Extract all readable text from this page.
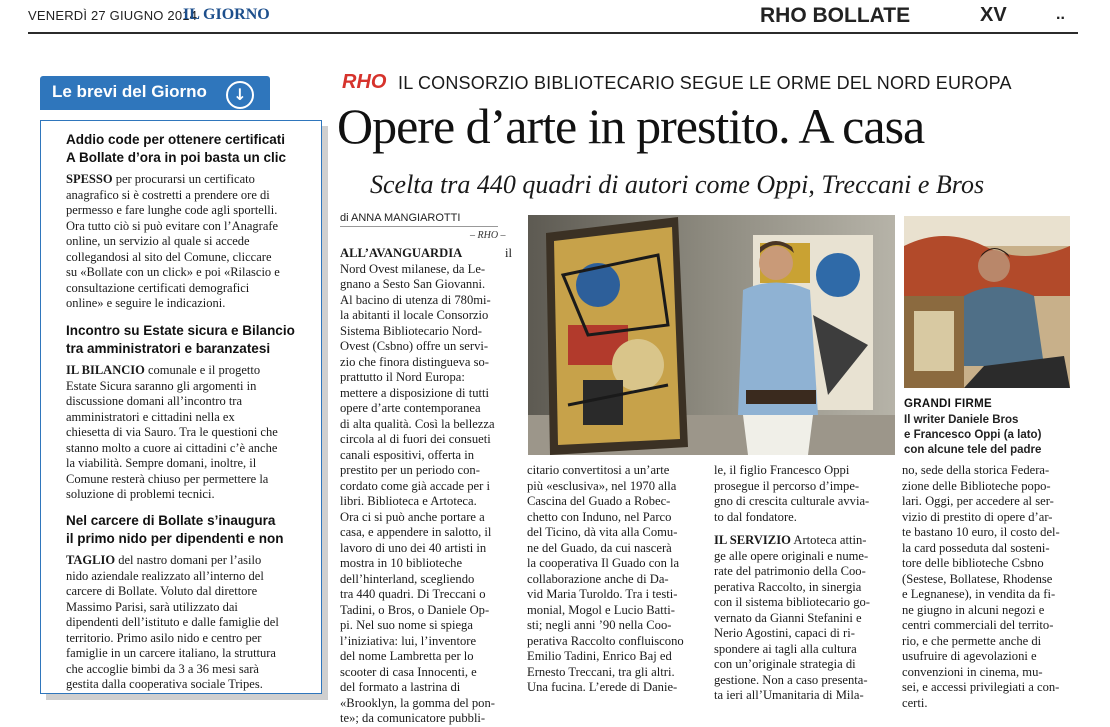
VENERDÌ 27 GIUGNO 2014
IL GIORNO	RHO BOLLATE	XV	..
Le brevi del Giorno	↓
Addio code per ottenere certificati
A Bollate d’ora in poi basta un clic
SPESSO per procurarsi un certificato
anagrafico si è costretti a prendere ore di
permesso e fare lunghe code agli sportelli.
Ora tutto ciò si può evitare con l’Anagrafe
online, un servizio al quale si accede
collegandosi al sito del Comune, cliccare
su «Bollate con un click» e poi «Rilascio e
consultazione certificati demografici
online» e seguire le indicazioni.
Incontro su Estate sicura e Bilancio
tra amministratori e baranzatesi
IL BILANCIO comunale e il progetto
Estate Sicura saranno gli argomenti in
discussione domani all’incontro tra
amministratori e cittadini nella ex
chiesetta di via Sauro. Tra le questioni che
stanno molto a cuore ai cittadini c’è anche
la viabilità. Sempre domani, inoltre, il
Comune resterà chiuso per permettere la
soluzione di problemi tecnici.
Nel carcere di Bollate s’inaugura
il primo nido per dipendenti e non
TAGLIO del nastro domani per l’asilo
nido aziendale realizzato all’interno del
carcere di Bollate. Voluto dal direttore
Massimo Parisi, sarà utilizzato dai
dipendenti dell’istituto e dalle famiglie del
territorio. Primo asilo nido e centro per
famiglie in un carcere italiano, la struttura
che accoglie bimbi da 3 a 36 mesi sarà
gestita dalla cooperativa sociale Tripes.
RHO IL CONSORZIO BIBLIOTECARIO SEGUE LE ORME DEL NORD EUROPA
Opere d’arte in prestito. A casa
Scelta tra 440 quadri di autori come Oppi, Treccani e Bros
di ANNA MANGIAROTTI
– RHO –
ALL’AVANGUARDIA	il
Nord Ovest milanese, da Le-
gnano a Sesto San Giovanni.
Al bacino di utenza di 780mi-
la abitanti il locale Consorzio
Sistema Bibliotecario Nord-
Ovest (Csbno) offre un servi-
zio che finora distingueva so-
prattutto il Nord Europa:
mettere a disposizione di tutti
opere d’arte contemporanea
di alta qualità. Così la bellezza
circola al di fuori dei consueti
canali espositivi, offerta in
prestito per un periodo con-
cordato come già accade per i
libri. Biblioteca e Artoteca.
Ora ci si può anche portare a
casa, e appendere in salotto, il
lavoro di uno dei 40 artisti in
mostra in 10 biblioteche
dell’hinterland, scegliendo
tra 440 quadri. Di Treccani o
Tadini, o Bros, o Daniele Op-
pi. Nel suo nome si spiega
l’iniziativa: lui, l’inventore
del nome Lambretta per lo
scooter di casa Innocenti, e
del formato a lastrina di
«Brooklyn, la gomma del pon-
te»; da comunicatore pubbli-
GRANDI FIRME
Il writer Daniele Bros
e Francesco Oppi (a lato)
con alcune tele del padre
citario convertitosi a un’arte
più «esclusiva», nel 1970 alla
Cascina del Guado a Robec-
chetto con Induno, nel Parco
del Ticino, dà vita alla Comu-
ne del Guado, da cui nascerà
la cooperativa Il Guado con la
collaborazione anche di Da-
vid Maria Turoldo. Tra i testi-
monial, Mogol e Lucio Batti-
sti; negli anni ’90 nella Coo-
perativa Raccolto confluiscono
Emilio Tadini, Enrico Baj ed
Ernesto Treccani, tra gli altri.
Una fucina. L’erede di Danie-
le, il figlio Francesco Oppi
prosegue il percorso d’impe-
gno di crescita culturale avvia-
to dal fondatore.
IL SERVIZIO Artoteca attin-
ge alle opere originali e nume-
rate del patrimonio della Coo-
perativa Raccolto, in sinergia
con il sistema bibliotecario go-
vernato da Gianni Stefanini e
Nerio Agostini, capaci di ri-
spondere ai tagli alla cultura
con un’originale strategia di
gestione. Non a caso presenta-
ta ieri all’Umanitaria di Mila-
no, sede della storica Federa-
zione delle Biblioteche popo-
lari. Oggi, per accedere al ser-
vizio di prestito di opere d’ar-
te bastano 10 euro, il costo del-
la card posseduta dal sosteni-
tore delle biblioteche Csbno
(Sestese, Bollatese, Rhodense
e Legnanese), in vendita da fi-
ne giugno in alcuni negozi e
centri commerciali del territo-
rio, e che permette anche di
usufruire di agevolazioni e
convenzioni in cinema, mu-
sei, e accessi privilegiati a con-
certi.
